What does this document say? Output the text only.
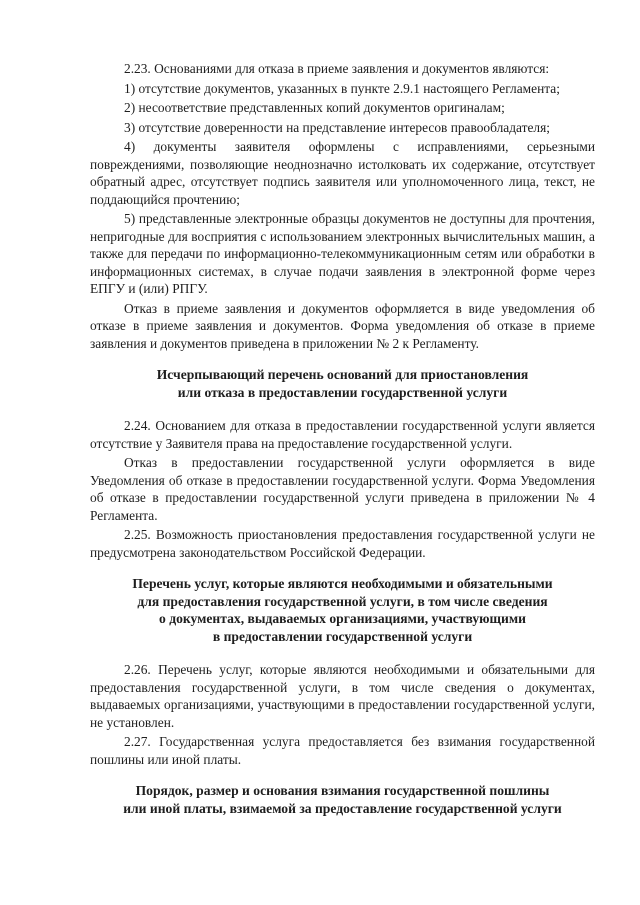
2.23. Основаниями для отказа в приеме заявления и документов являются:

1) отсутствие документов, указанных в пункте 2.9.1 настоящего Регламента;

2) несоответствие представленных копий документов оригиналам;

3) отсутствие доверенности на представление интересов правообладателя;

4) документы заявителя оформлены с исправлениями, серьезными повреждениями, позволяющие неоднозначно истолковать их содержание, отсутствует обратный адрес, отсутствует подпись заявителя или уполномоченного лица, текст, не поддающийся прочтению;

5) представленные электронные образцы документов не доступны для прочтения, непригодные для восприятия с использованием электронных вычислительных машин, а также для передачи по информационно-телекоммуникационным сетям или обработки в информационных системах, в случае подачи заявления в электронной форме через ЕПГУ и (или) РПГУ.

Отказ в приеме заявления и документов оформляется в виде уведомления об отказе в приеме заявления и документов. Форма уведомления об отказе в приеме заявления и документов приведена в приложении № 2 к Регламенту.

Исчерпывающий перечень оснований для приостановления
или отказа в предоставлении государственной услуги

2.24. Основанием для отказа в предоставлении государственной услуги является отсутствие у Заявителя права на предоставление государственной услуги.

Отказ в предоставлении государственной услуги оформляется в виде Уведомления об отказе в предоставлении государственной услуги. Форма Уведомления об отказе в предоставлении государственной услуги приведена в приложении № 4 Регламента.

2.25. Возможность приостановления предоставления государственной услуги не предусмотрена законодательством Российской Федерации.

Перечень услуг, которые являются необходимыми и обязательными
для предоставления государственной услуги, в том числе сведения
о документах, выдаваемых организациями, участвующими
в предоставлении государственной услуги

2.26. Перечень услуг, которые являются необходимыми и обязательными для предоставления государственной услуги, в том числе сведения о документах, выдаваемых организациями, участвующими в предоставлении государственной услуги, не установлен.

2.27. Государственная услуга предоставляется без взимания государственной пошлины или иной платы.

Порядок, размер и основания взимания государственной пошлины
или иной платы, взимаемой за предоставление государственной услуги
